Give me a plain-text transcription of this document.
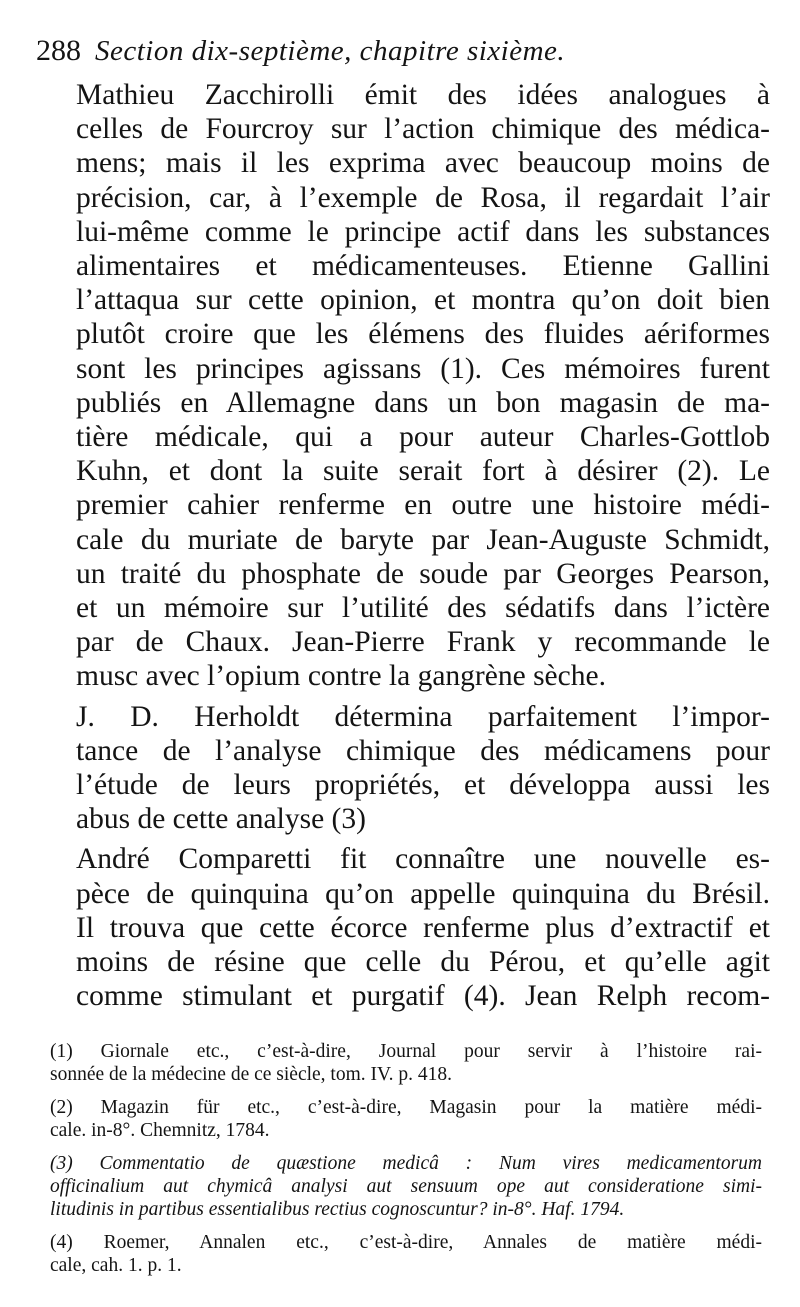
288 Section dix-septième, chapitre sixième.

Mathieu Zacchirolli émit des idées analogues à
celles de Fourcroy sur l’action chimique des médica-
mens; mais il les exprima avec beaucoup moins de
précision, car, à l’exemple de Rosa, il regardait l’air
lui-même comme le principe actif dans les substances
alimentaires et médicamenteuses. Etienne Gallini
l’attaqua sur cette opinion, et montra qu’on doit bien
plutôt croire que les élémens des fluides aériformes
sont les principes agissans (1). Ces mémoires furent
publiés en Allemagne dans un bon magasin de ma-
tière médicale, qui a pour auteur Charles-Gottlob
Kuhn, et dont la suite serait fort à désirer (2). Le
premier cahier renferme en outre une histoire médi-
cale du muriate de baryte par Jean-Auguste Schmidt,
un traité du phosphate de soude par Georges Pearson,
et un mémoire sur l’utilité des sédatifs dans l’ictère
par de Chaux. Jean-Pierre Frank y recommande le
musc avec l’opium contre la gangrène sèche.

J. D. Herholdt détermina parfaitement l’impor-
tance de l’analyse chimique des médicamens pour
l’étude de leurs propriétés, et développa aussi les
abus de cette analyse (3)

André Comparetti fit connaître une nouvelle es-
pèce de quinquina qu’on appelle quinquina du Brésil.
Il trouva que cette écorce renferme plus d’extractif et
moins de résine que celle du Pérou, et qu’elle agit
comme stimulant et purgatif (4). Jean Relph recom-

(1) Giornale etc., c’est-à-dire, Journal pour servir à l’histoire rai-
sonnée de la médecine de ce siècle, tom. IV. p. 418.

(2) Magazin für etc., c’est-à-dire, Magasin pour la matière médi-
cale. in-8°. Chemnitz, 1784.

(3) Commentatio de quæstione medicâ : Num vires medicamentorum
officinalium aut chymicâ analysi aut sensuum ope aut consideratione simi-
litudinis in partibus essentialibus rectius cognoscuntur? in-8°. Haf. 1794.

(4) Roemer, Annalen etc., c’est-à-dire, Annales de matière médi-
cale, cah. 1. p. 1.
